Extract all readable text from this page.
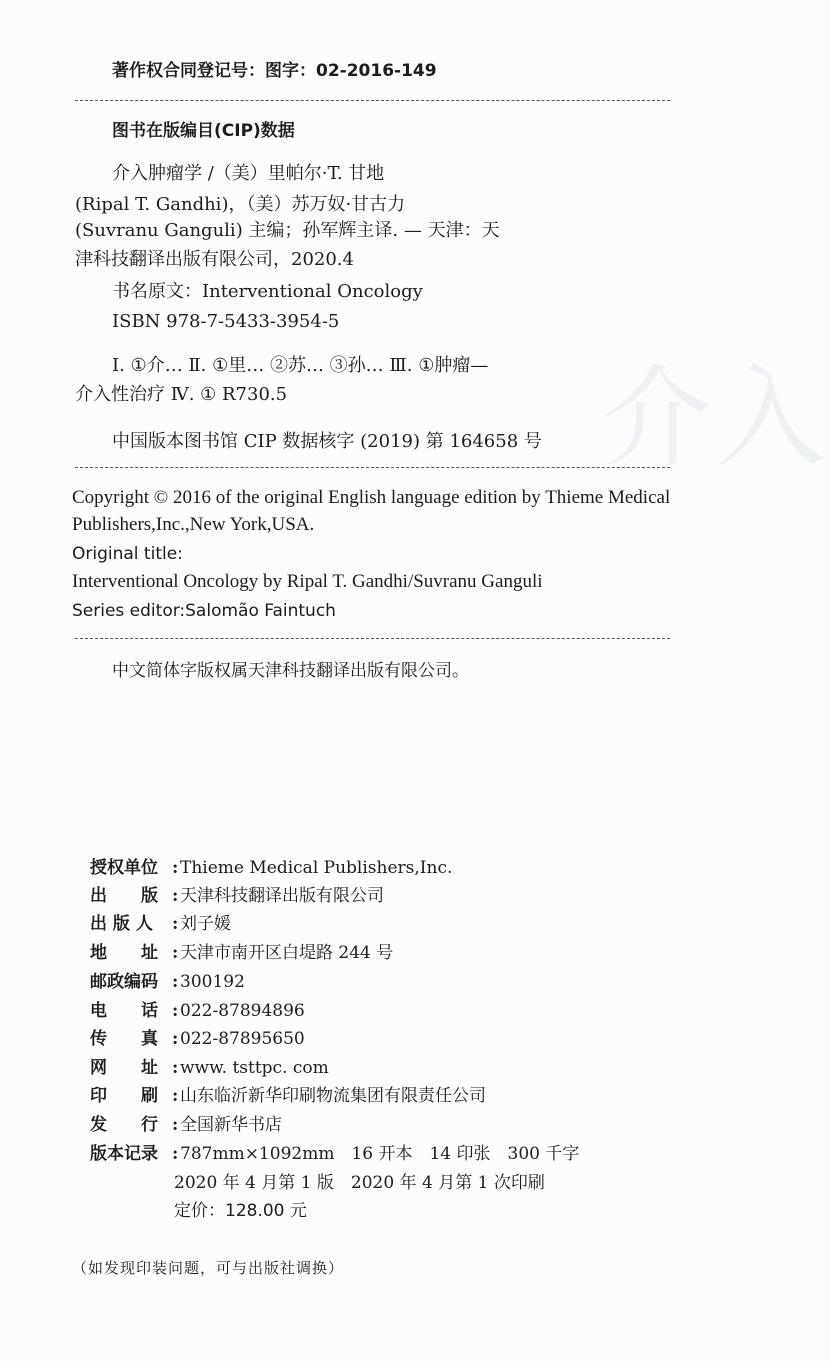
介入
著作权合同登记号：图字：02-2016-149
图书在版编目(CIP)数据
介入肿瘤学 /（美）里帕尔·T. 甘地
(Ripal T. Gandhi)，（美）苏万奴·甘古力
(Suvranu Ganguli) 主编；孙军辉主译. — 天津：天
津科技翻译出版有限公司，2020.4
书名原文：Interventional Oncology
ISBN 978-7-5433-3954-5
Ⅰ. ①介… Ⅱ. ①里… ②苏… ③孙… Ⅲ. ①肿瘤—
介入性治疗 Ⅳ. ① R730.5
中国版本图书馆 CIP 数据核字 (2019) 第 164658 号
Copyright © 2016 of the original English language edition by Thieme Medical
Publishers,Inc.,New York,USA.
Original title:
Interventional Oncology by Ripal T. Gandhi/Suvranu Ganguli
Series editor:Salomão Faintuch
中文简体字版权属天津科技翻译出版有限公司。
授权单位 : Thieme Medical Publishers,Inc.
出　　版 : 天津科技翻译出版有限公司
出 版 人	: 刘子媛
地　　址 : 天津市南开区白堤路 244 号
邮政编码 : 300192
电　　话 : 022-87894896
传　　真 : 022-87895650
网　　址 : www. tsttpc. com
印　　刷 : 山东临沂新华印刷物流集团有限责任公司
发　　行 : 全国新华书店
版本记录 : 787mm×1092mm　16 开本　14 印张　300 千字
2020 年 4 月第 1 版　2020 年 4 月第 1 次印刷
定价：128.00 元
（如发现印装问题，可与出版社调换）
